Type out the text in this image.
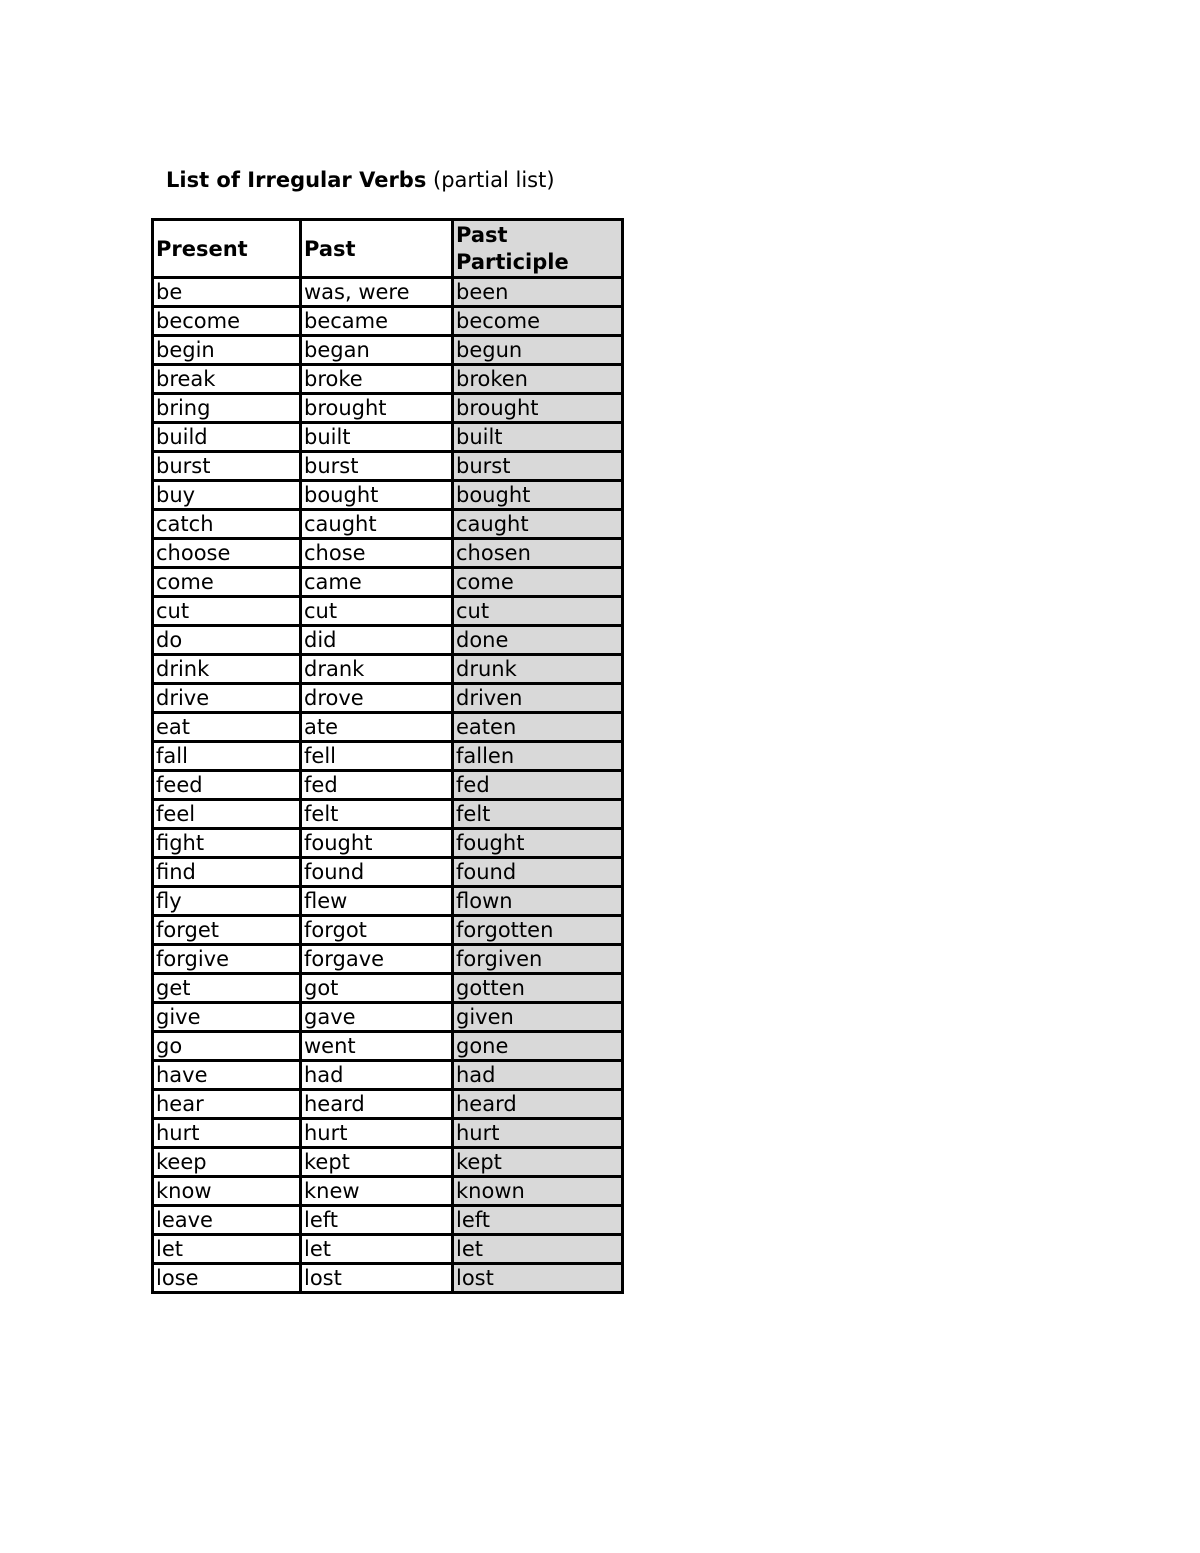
List of Irregular Verbs (partial list)
Present	Past	Past Participle
be	was, were	been
become	became	become
begin	began	begun
break	broke	broken
bring	brought	brought
build	built	built
burst	burst	burst
buy	bought	bought
catch	caught	caught
choose	chose	chosen
come	came	come
cut	cut	cut
do	did	done
drink	drank	drunk
drive	drove	driven
eat	ate	eaten
fall	fell	fallen
feed	fed	fed
feel	felt	felt
fight	fought	fought
find	found	found
fly	flew	flown
forget	forgot	forgotten
forgive	forgave	forgiven
get	got	gotten
give	gave	given
go	went	gone
have	had	had
hear	heard	heard
hurt	hurt	hurt
keep	kept	kept
know	knew	known
leave	left	left
let	let	let
lose	lost	lost
